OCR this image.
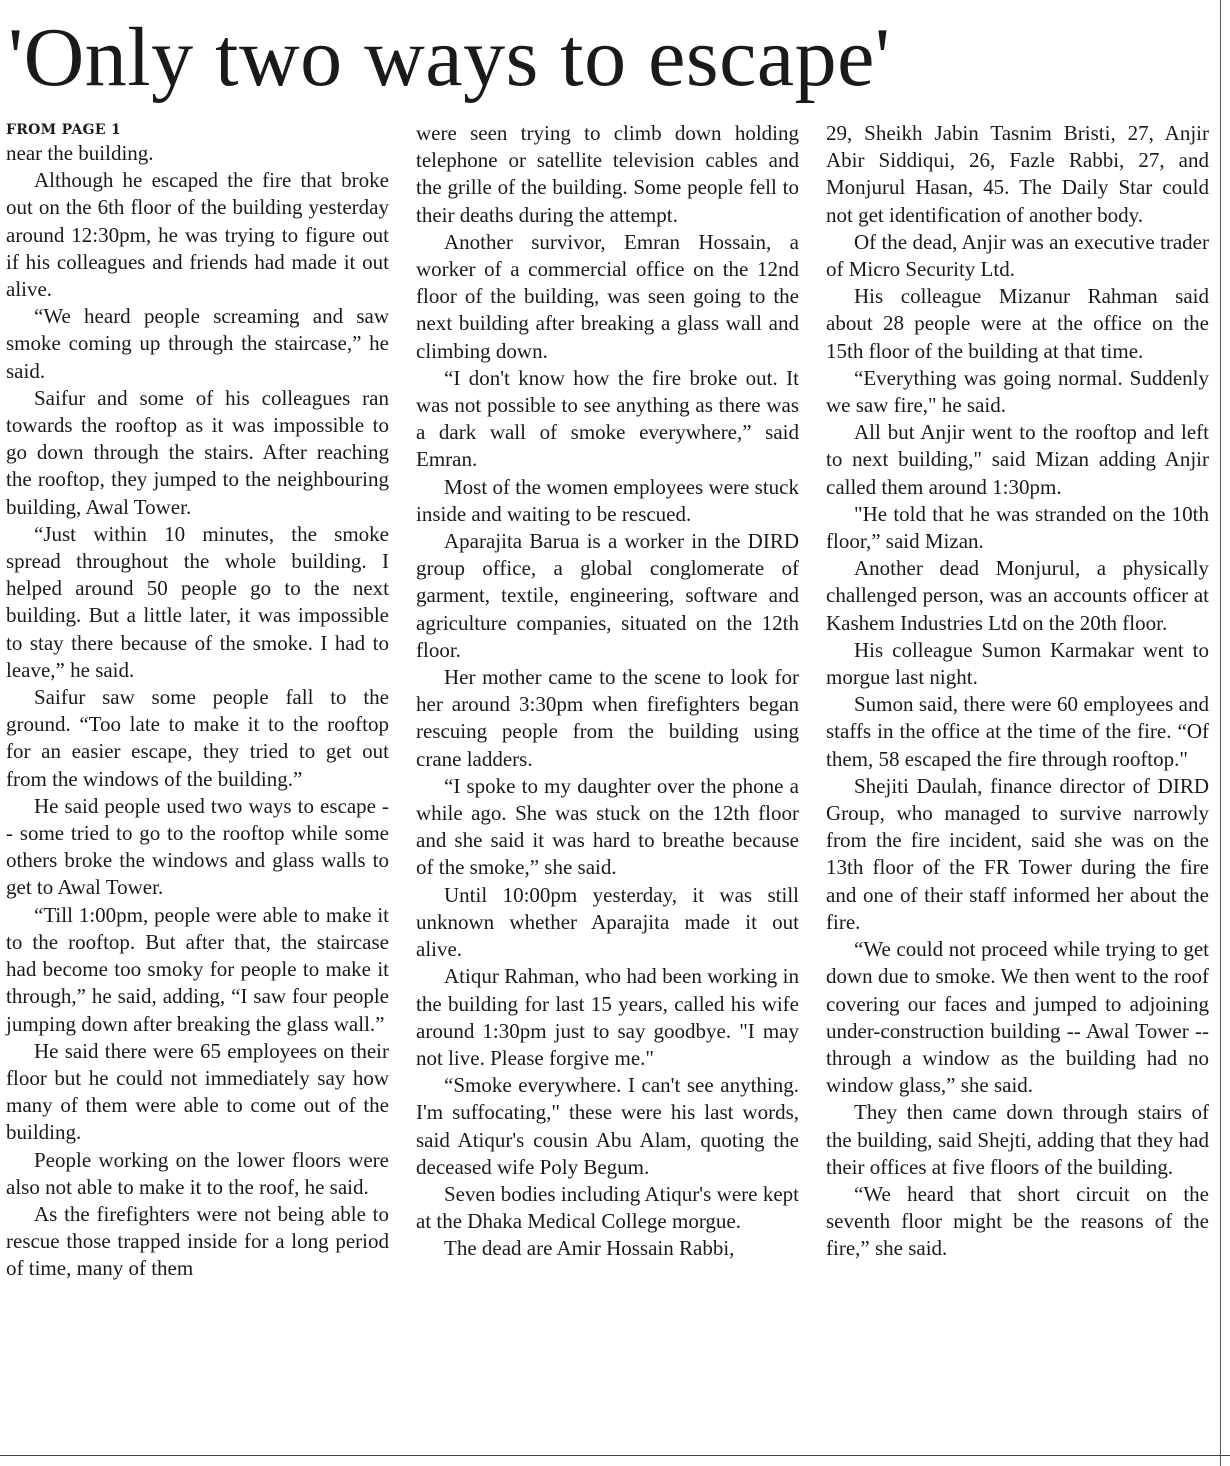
'Only two ways to escape'
FROM PAGE 1

near the building.

Although he escaped the fire that broke out on the 6th floor of the building yesterday around 12:30pm, he was trying to figure out if his colleagues and friends had made it out alive.

“We heard people screaming and saw smoke coming up through the staircase,” he said.

Saifur and some of his colleagues ran towards the rooftop as it was impossible to go down through the stairs. After reaching the rooftop, they jumped to the neighbouring building, Awal Tower.

“Just within 10 minutes, the smoke spread throughout the whole building. I helped around 50 people go to the next building. But a little later, it was impossible to stay there because of the smoke. I had to leave,” he said.

Saifur saw some people fall to the ground. “Too late to make it to the rooftop for an easier escape, they tried to get out from the windows of the building.”

He said people used two ways to escape -- some tried to go to the rooftop while some others broke the windows and glass walls to get to Awal Tower.

“Till 1:00pm, people were able to make it to the rooftop. But after that, the staircase had become too smoky for people to make it through,” he said, adding, “I saw four people jumping down after breaking the glass wall.”

He said there were 65 employees on their floor but he could not immediately say how many of them were able to come out of the building.

People working on the lower floors were also not able to make it to the roof, he said.

As the firefighters were not being able to rescue those trapped inside for a long period of time, many of them

were seen trying to climb down holding telephone or satellite television cables and the grille of the building. Some people fell to their deaths during the attempt.

Another survivor, Emran Hossain, a worker of a commercial office on the 12nd floor of the building, was seen going to the next building after breaking a glass wall and climbing down.

“I don't know how the fire broke out. It was not possible to see anything as there was a dark wall of smoke everywhere,” said Emran.

Most of the women employees were stuck inside and waiting to be rescued.

Aparajita Barua is a worker in the DIRD group office, a global conglomerate of garment, textile, engineering, software and agriculture companies, situated on the 12th floor.

Her mother came to the scene to look for her around 3:30pm when firefighters began rescuing people from the building using crane ladders.

“I spoke to my daughter over the phone a while ago. She was stuck on the 12th floor and she said it was hard to breathe because of the smoke,” she said.

Until 10:00pm yesterday, it was still unknown whether Aparajita made it out alive.

Atiqur Rahman, who had been working in the building for last 15 years, called his wife around 1:30pm just to say goodbye. "I may not live. Please forgive me."

“Smoke everywhere. I can't see anything. I'm suffocating," these were his last words, said Atiqur's cousin Abu Alam, quoting the deceased wife Poly Begum.

Seven bodies including Atiqur's were kept at the Dhaka Medical College morgue.

The dead are Amir Hossain Rabbi,

29, Sheikh Jabin Tasnim Bristi, 27, Anjir Abir Siddiqui, 26, Fazle Rabbi, 27, and Monjurul Hasan, 45. The Daily Star could not get identification of another body.

Of the dead, Anjir was an executive trader of Micro Security Ltd.

His colleague Mizanur Rahman said about 28 people were at the office on the 15th floor of the building at that time.

“Everything was going normal. Suddenly we saw fire," he said.

All but Anjir went to the rooftop and left to next building," said Mizan adding Anjir called them around 1:30pm.

"He told that he was stranded on the 10th floor,” said Mizan.

Another dead Monjurul, a physically challenged person, was an accounts officer at Kashem Industries Ltd on the 20th floor.

His colleague Sumon Karmakar went to morgue last night.

Sumon said, there were 60 employees and staffs in the office at the time of the fire. “Of them, 58 escaped the fire through rooftop."

Shejiti Daulah, finance director of DIRD Group, who managed to survive narrowly from the fire incident, said she was on the 13th floor of the FR Tower during the fire and one of their staff informed her about the fire.

“We could not proceed while trying to get down due to smoke. We then went to the roof covering our faces and jumped to adjoining under-construction building -- Awal Tower -- through a window as the building had no window glass,” she said.

They then came down through stairs of the building, said Shejti, adding that they had their offices at five floors of the building.

“We heard that short circuit on the seventh floor might be the reasons of the fire,” she said.
